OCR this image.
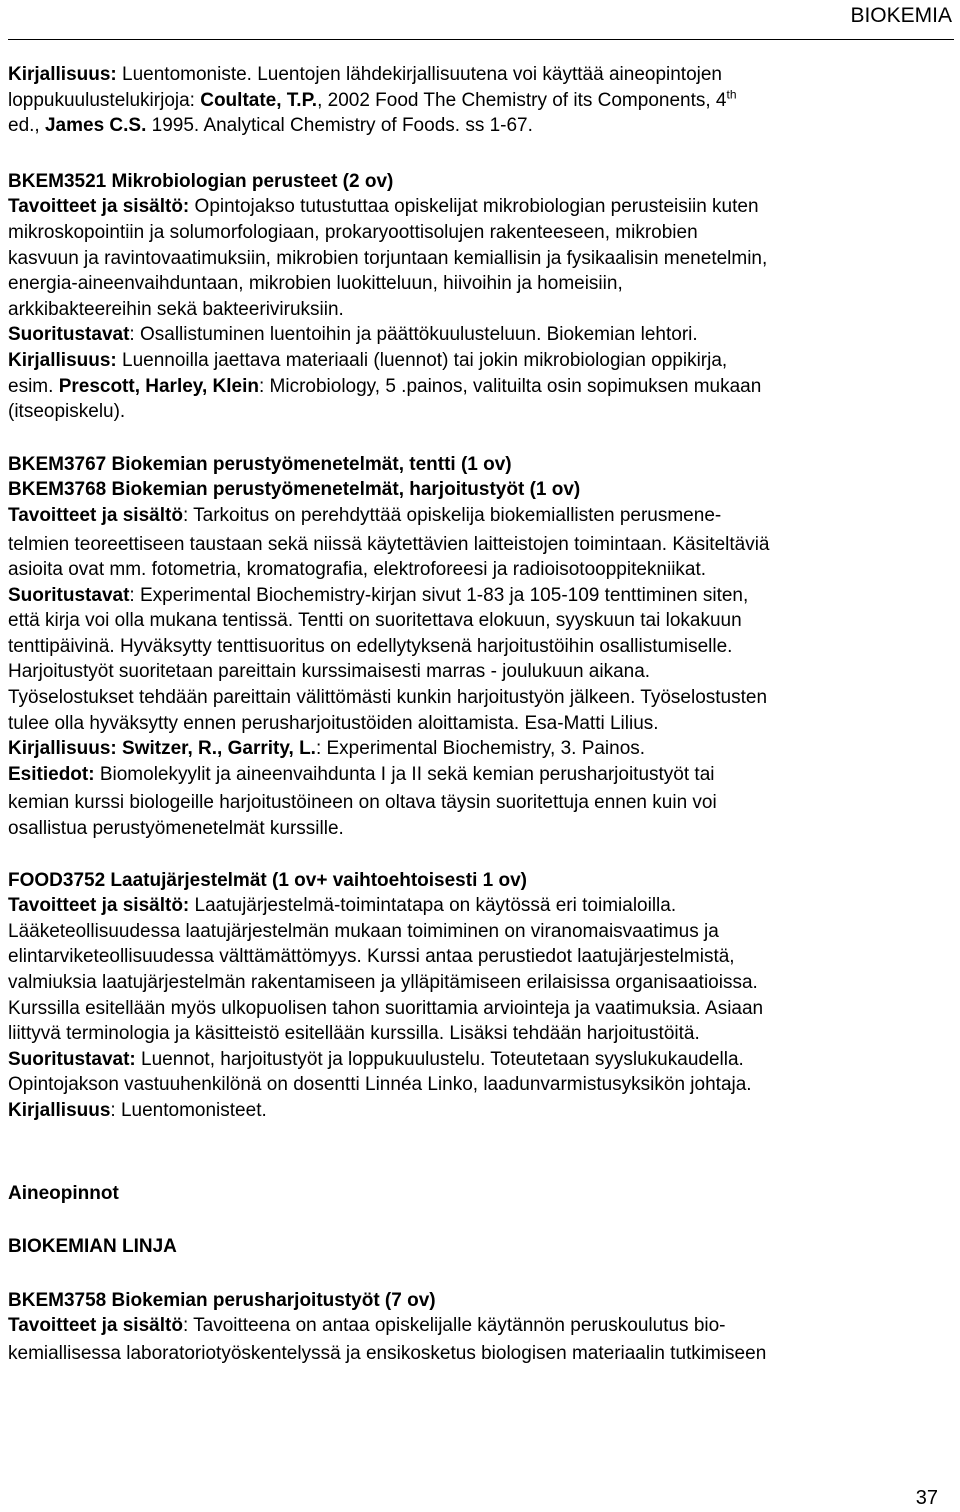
BIOKEMIA
Kirjallisuus: Luentomoniste. Luentojen lähdekirjallisuutena voi käyttää aineopintojen
loppukuulustelukirjoja: Coultate, T.P., 2002 Food The Chemistry of its Components, 4th
ed., James C.S. 1995. Analytical Chemistry of Foods. ss 1-67.
BKEM3521 Mikrobiologian perusteet (2 ov)
Tavoitteet ja sisältö: Opintojakso tutustuttaa opiskelijat mikrobiologian perusteisiin kuten
mikroskopointiin ja solumorfologiaan, prokaryoottisolujen rakenteeseen, mikrobien
kasvuun ja ravintovaatimuksiin, mikrobien torjuntaan kemiallisin ja fysikaalisin menetelmin,
energia-aineenvaihduntaan, mikrobien luokitteluun, hiivoihin ja homeisiin,
arkkibakteereihin sekä bakteeriviruksiin.
Suoritustavat: Osallistuminen luentoihin ja päättökuulusteluun. Biokemian lehtori.
Kirjallisuus: Luennoilla jaettava materiaali (luennot) tai jokin mikrobiologian oppikirja,
esim. Prescott, Harley, Klein: Microbiology, 5 .painos, valituilta osin sopimuksen mukaan
(itseopiskelu).
BKEM3767 Biokemian perustyömenetelmät, tentti (1 ov)
BKEM3768 Biokemian perustyömenetelmät, harjoitustyöt (1 ov)
Tavoitteet ja sisältö: Tarkoitus on perehdyttää opiskelija biokemiallisten perusmene-
telmien teoreettiseen taustaan sekä niissä käytettävien laitteistojen toimintaan. Käsiteltäviä
asioita ovat mm. fotometria, kromatografia, elektroforeesi ja radioisotooppitekniikat.
Suoritustavat: Experimental Biochemistry-kirjan sivut 1-83 ja 105-109 tenttiminen siten,
että kirja voi olla mukana tentissä. Tentti on suoritettava elokuun, syyskuun tai lokakuun
tenttipäivinä. Hyväksytty tenttisuoritus on edellytyksenä harjoitustöihin osallistumiselle.
Harjoitustyöt suoritetaan pareittain kurssimaisesti marras - joulukuun aikana.
Työselostukset tehdään pareittain välittömästi kunkin harjoitustyön jälkeen. Työselostusten
tulee olla hyväksytty ennen perusharjoitustöiden aloittamista. Esa-Matti Lilius.
Kirjallisuus: Switzer, R., Garrity, L.: Experimental Biochemistry, 3. Painos.
Esitiedot: Biomolekyylit ja aineenvaihdunta I ja II sekä kemian perusharjoitustyöt tai
kemian kurssi biologeille harjoitustöineen on oltava täysin suoritettuja ennen kuin voi
osallistua perustyömenetelmät kurssille.
FOOD3752 Laatujärjestelmät (1 ov+ vaihtoehtoisesti 1 ov)
Tavoitteet ja sisältö: Laatujärjestelmä-toimintatapa on käytössä eri toimialoilla.
Lääketeollisuudessa laatujärjestelmän mukaan toimiminen on viranomaisvaatimus ja
elintarviketeollisuudessa välttämättömyys. Kurssi antaa perustiedot laatujärjestelmistä,
valmiuksia laatujärjestelmän rakentamiseen ja ylläpitämiseen erilaisissa organisaatioissa.
Kurssilla esitellään myös ulkopuolisen tahon suorittamia arviointeja ja vaatimuksia. Asiaan
liittyvä terminologia ja käsitteistö esitellään kurssilla. Lisäksi tehdään harjoitustöitä.
Suoritustavat: Luennot, harjoitustyöt ja loppukuulustelu. Toteutetaan syyslukukaudella.
Opintojakson vastuuhenkilönä on dosentti Linnéa Linko, laadunvarmistusyksikön johtaja.
Kirjallisuus: Luentomonisteet.
Aineopinnot
BIOKEMIAN LINJA
BKEM3758 Biokemian perusharjoitustyöt (7 ov)
Tavoitteet ja sisältö: Tavoitteena on antaa opiskelijalle käytännön peruskoulutus bio-
kemiallisessa laboratoriotyöskentelyssä ja ensikosketus biologisen materiaalin tutkimiseen
37
